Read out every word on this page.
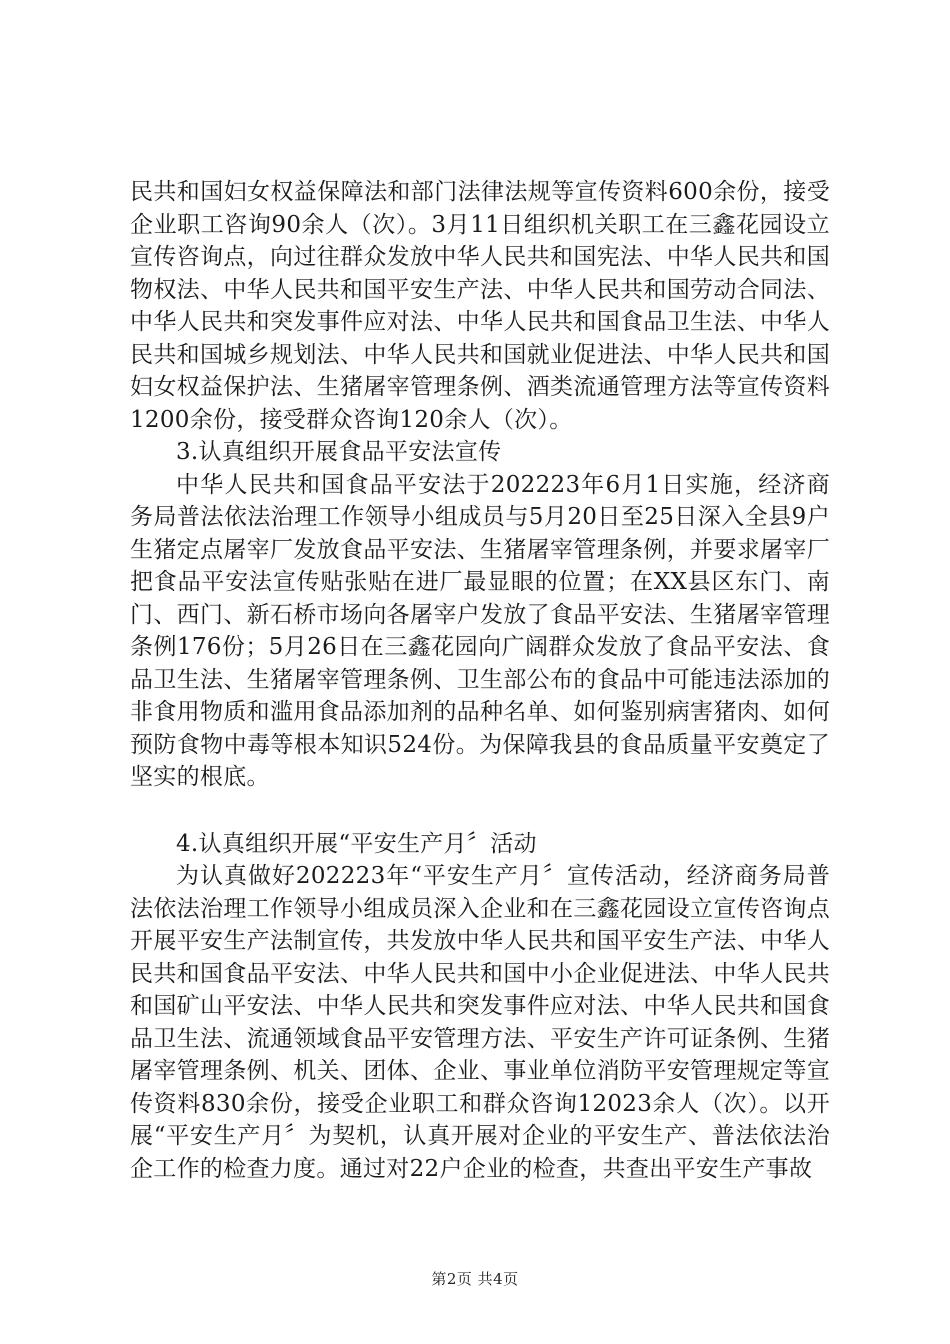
民共和国妇女权益保障法和部门法律法规等宣传资料600余份，接受企业职工咨询90余人（次）。3月11日组织机关职工在三鑫花园设立宣传咨询点，向过往群众发放中华人民共和国宪法、中华人民共和国物权法、中华人民共和国平安生产法、中华人民共和国劳动合同法、中华人民共和突发事件应对法、中华人民共和国食品卫生法、中华人民共和国城乡规划法、中华人民共和国就业促进法、中华人民共和国妇女权益保护法、生猪屠宰管理条例、酒类流通管理方法等宣传资料1200余份，接受群众咨询120余人（次）。

3.认真组织开展食品平安法宣传

中华人民共和国食品平安法于202223年6月1日实施，经济商务局普法依法治理工作领导小组成员与5月20日至25日深入全县9户生猪定点屠宰厂发放食品平安法、生猪屠宰管理条例，并要求屠宰厂把食品平安法宣传贴张贴在进厂最显眼的位置；在XX县区东门、南门、西门、新石桥市场向各屠宰户发放了食品平安法、生猪屠宰管理条例176份；5月26日在三鑫花园向广阔群众发放了食品平安法、食品卫生法、生猪屠宰管理条例、卫生部公布的食品中可能违法添加的非食用物质和滥用食品添加剂的品种名单、如何鉴别病害猪肉、如何预防食物中毒等根本知识524份。为保障我县的食品质量平安奠定了坚实的根底。

4.认真组织开展“平安生产月〞活动

为认真做好202223年“平安生产月〞宣传活动，经济商务局普法依法治理工作领导小组成员深入企业和在三鑫花园设立宣传咨询点开展平安生产法制宣传，共发放中华人民共和国平安生产法、中华人民共和国食品平安法、中华人民共和国中小企业促进法、中华人民共和国矿山平安法、中华人民共和突发事件应对法、中华人民共和国食品卫生法、流通领域食品平安管理方法、平安生产许可证条例、生猪屠宰管理条例、机关、团体、企业、事业单位消防平安管理规定等宣传资料830余份，接受企业职工和群众咨询12023余人（次）。以开展“平安生产月〞为契机，认真开展对企业的平安生产、普法依法治企工作的检查力度。通过对22户企业的检查，共查出平安生产事故

第2页 共4页
